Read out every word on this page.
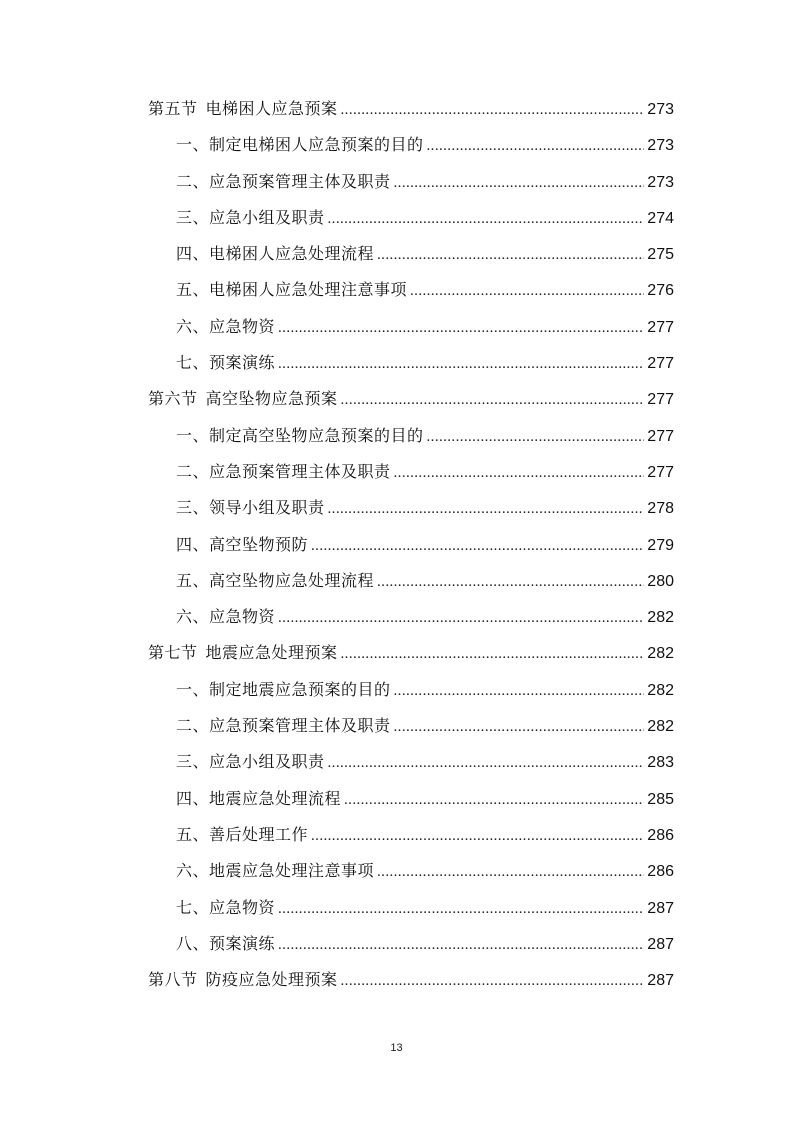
第五节 电梯困人应急预案 .....	273
一、制定电梯困人应急预案的目的 .....	273
二、应急预案管理主体及职责 .....	273
三、应急小组及职责 .....	274
四、电梯困人应急处理流程 .....	275
五、电梯困人应急处理注意事项 .....	276
六、应急物资 .....	277
七、预案演练 .....	277
第六节 高空坠物应急预案 .....	277
一、制定高空坠物应急预案的目的 .....	277
二、应急预案管理主体及职责 .....	277
三、领导小组及职责 .....	278
四、高空坠物预防 .....	279
五、高空坠物应急处理流程 .....	280
六、应急物资 .....	282
第七节 地震应急处理预案 .....	282
一、制定地震应急预案的目的 .....	282
二、应急预案管理主体及职责 .....	282
三、应急小组及职责 .....	283
四、地震应急处理流程 .....	285
五、善后处理工作 .....	286
六、地震应急处理注意事项 .....	286
七、应急物资 .....	287
八、预案演练 .....	287
第八节 防疫应急处理预案 .....	287
13
